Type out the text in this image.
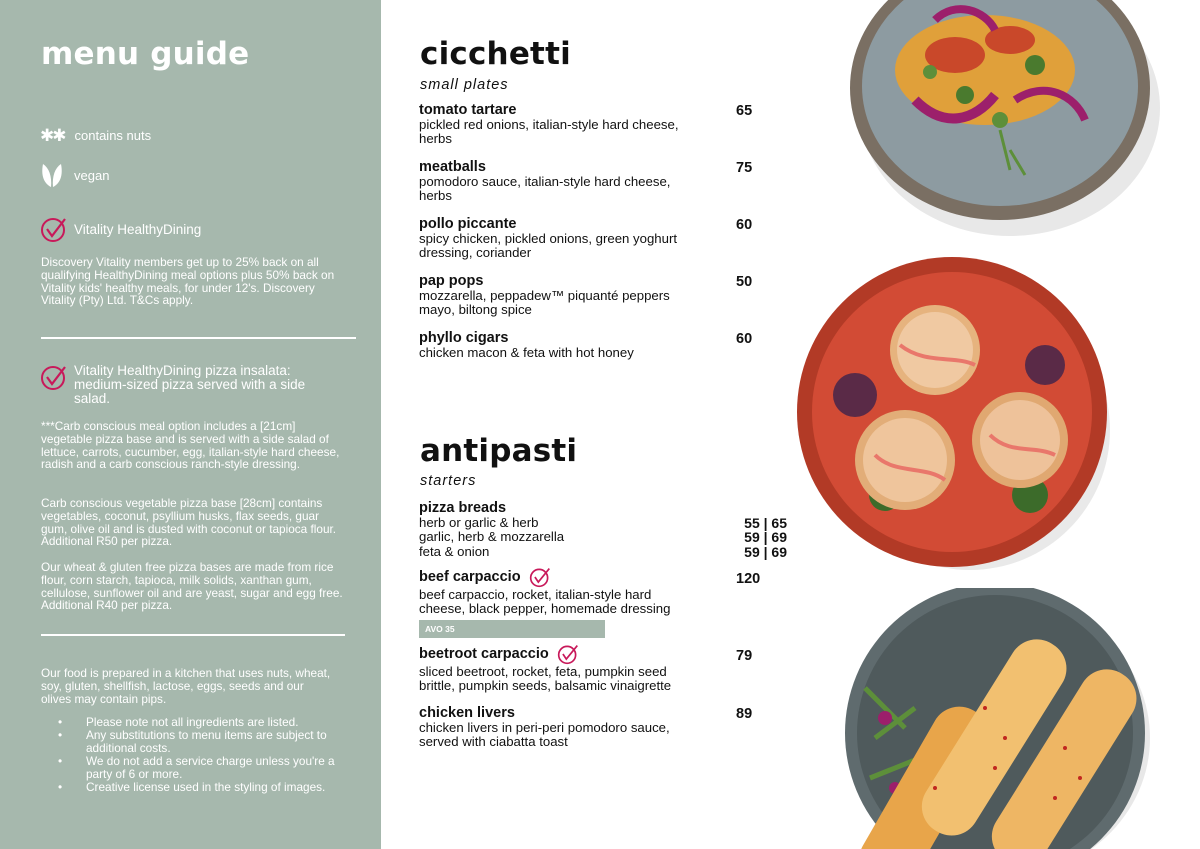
menu guide
✱✱ contains nuts
vegan
Vitality HealthyDining

Discovery Vitality members get up to 25% back on all qualifying HealthyDining meal options plus 50% back on Vitality kids' healthy meals, for under 12's. Discovery Vitality (Pty) Ltd. T&Cs apply.

Vitality HealthyDining pizza insalata: medium-sized pizza served with a side salad.

***Carb conscious meal option includes a [21cm] vegetable pizza base and is served with a side salad of lettuce, carrots, cucumber, egg, italian-style hard cheese, radish and a carb conscious ranch-style dressing.

Carb conscious vegetable pizza base [28cm] contains vegetables, coconut, psyllium husks, flax seeds, guar gum, olive oil and is dusted with coconut or tapioca flour. Additional R50 per pizza.

Our wheat & gluten free pizza bases are made from rice flour, corn starch, tapioca, milk solids, xanthan gum, cellulose, sunflower oil and are yeast, sugar and egg free. Additional R40 per pizza.

Our food is prepared in a kitchen that uses nuts, wheat, soy, gluten, shellfish, lactose, eggs, seeds and our olives may contain pips.

• Please note not all ingredients are listed.
• Any substitutions to menu items are subject to additional costs.
• We do not add a service charge unless you're a party of 6 or more.
• Creative license used in the styling of images.
cicchetti

small plates

tomato tartare
pickled red onions, italian-style hard cheese, herbs
65
meatballs
pomodoro sauce, italian-style hard cheese, herbs
75
pollo piccante
spicy chicken, pickled onions, green yoghurt dressing, coriander
60
pap pops
mozzarella, peppadew™ piquanté peppers mayo, biltong spice
50
phyllo cigars
chicken macon & feta with hot honey
60
antipasti

starters

pizza breads
herb or garlic & herb	55 | 65
garlic, herb & mozzarella	59 | 69
feta & onion	59 | 69
beef carpaccio
beef carpaccio, rocket, italian-style hard cheese, black pepper, homemade dressing
120
AVO 35
beetroot carpaccio
sliced beetroot, rocket, feta, pumpkin seed brittle, pumpkin seeds, balsamic vinaigrette
79
chicken livers
chicken livers in peri-peri pomodoro sauce, served with ciabatta toast
89
